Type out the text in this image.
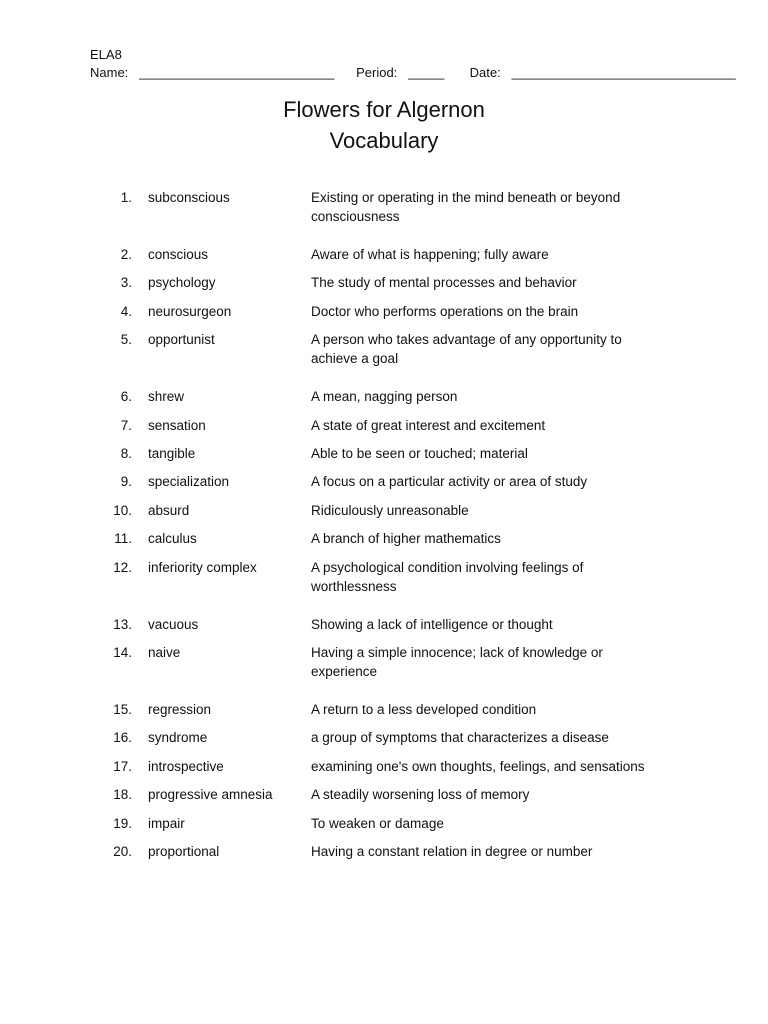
ELA8
Name: ___________________________ Period: _____ Date: _______________________________
Flowers for Algernon
Vocabulary
1. subconscious	Existing or operating in the mind beneath or beyond consciousness
2. conscious	Aware of what is happening; fully aware
3. psychology	The study of mental processes and behavior
4. neurosurgeon	Doctor who performs operations on the brain
5. opportunist	A person who takes advantage of any opportunity to achieve a goal
6. shrew	A mean, nagging person
7. sensation	A state of great interest and excitement
8. tangible	Able to be seen or touched; material
9. specialization	A focus on a particular activity or area of study
10. absurd	Ridiculously unreasonable
11. calculus	A branch of higher mathematics
12. inferiority complex	A psychological condition involving feelings of worthlessness
13. vacuous	Showing a lack of intelligence or thought
14. naive	Having a simple innocence; lack of knowledge or experience
15. regression	A return to a less developed condition
16. syndrome	a group of symptoms that characterizes a disease
17. introspective	examining one's own thoughts, feelings, and sensations
18. progressive amnesia	A steadily worsening loss of memory
19. impair	To weaken or damage
20. proportional	Having a constant relation in degree or number
